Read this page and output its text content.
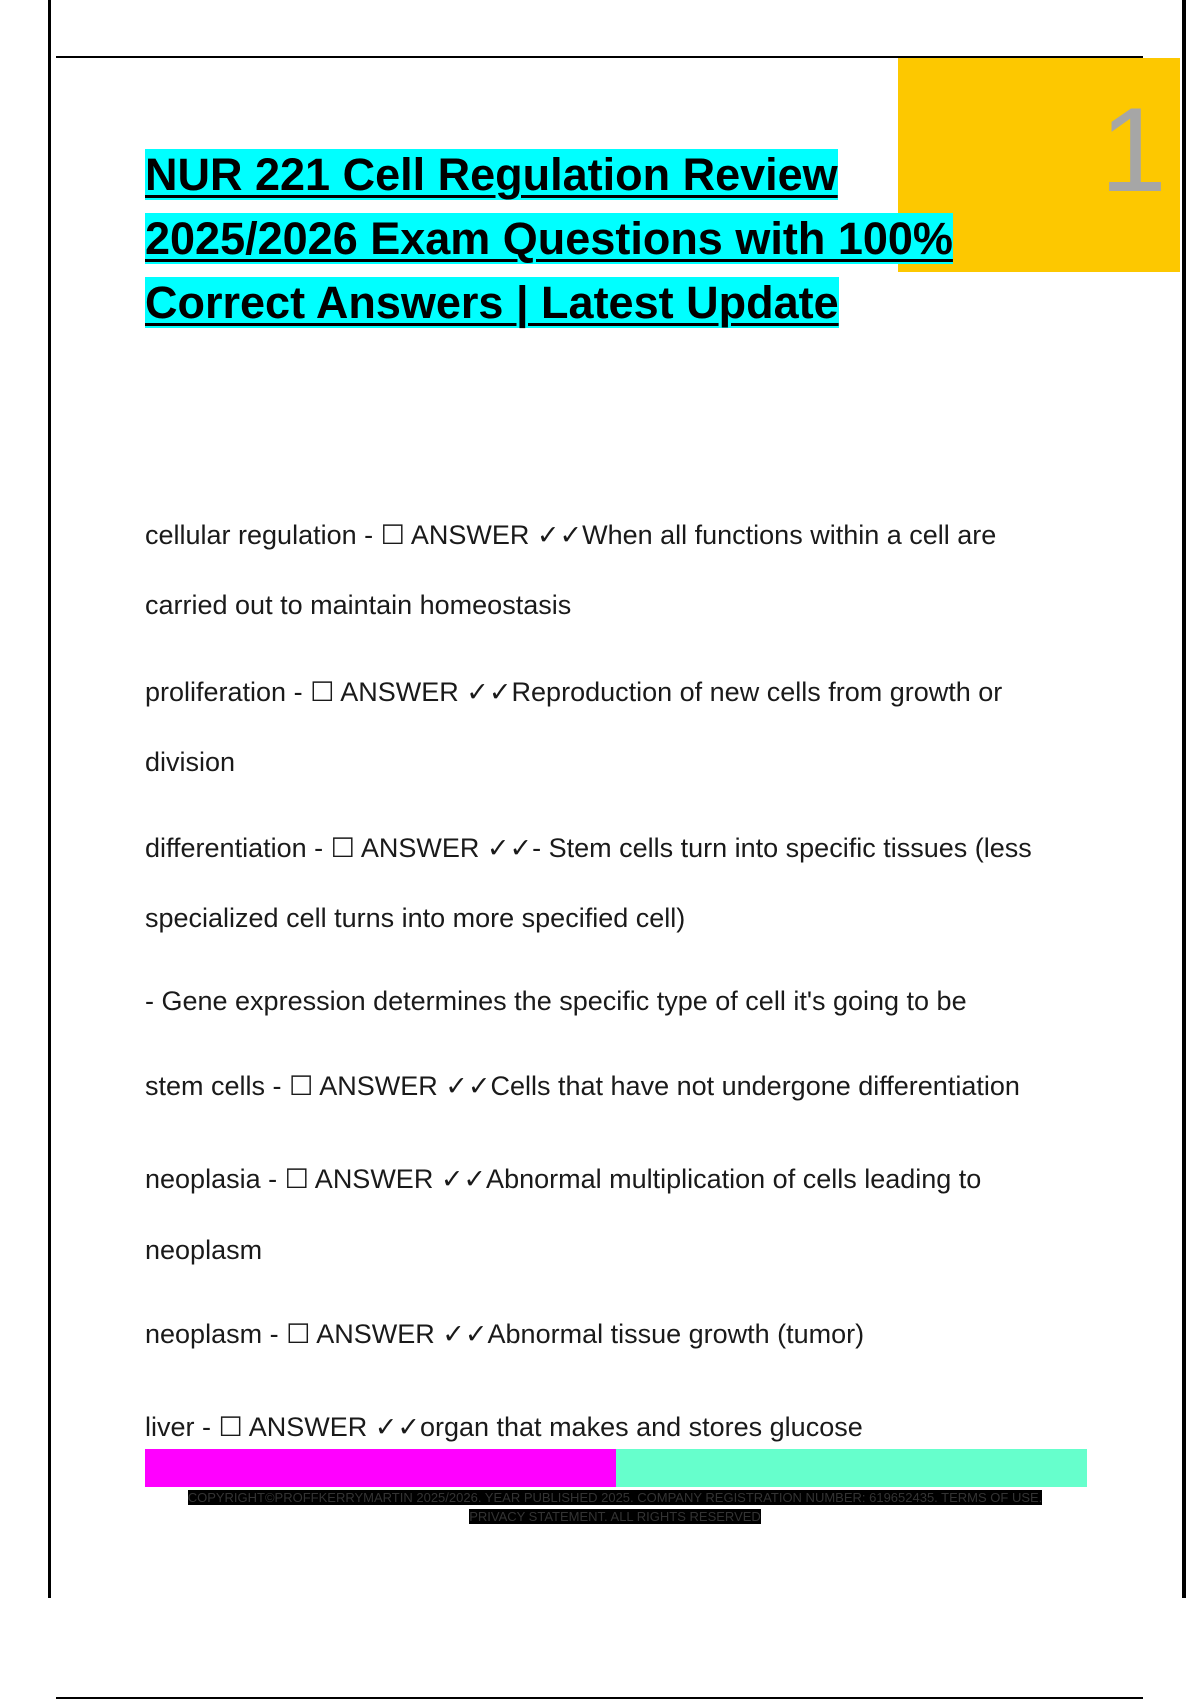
1
NUR 221 Cell Regulation Review
2025/2026 Exam Questions with 100%
Correct Answers | Latest Update

cellular regulation - ☐ ANSWER ✓✓When all functions within a cell are

carried out to maintain homeostasis

proliferation - ☐ ANSWER ✓✓Reproduction of new cells from growth or

division

differentiation - ☐ ANSWER ✓✓- Stem cells turn into specific tissues (less

specialized cell turns into more specified cell)

- Gene expression determines the specific type of cell it's going to be

stem cells - ☐ ANSWER ✓✓Cells that have not undergone differentiation

neoplasia - ☐ ANSWER ✓✓Abnormal multiplication of cells leading to

neoplasm

neoplasm - ☐ ANSWER ✓✓Abnormal tissue growth (tumor)

liver - ☐ ANSWER ✓✓organ that makes and stores glucose

COPYRIGHT©PROFFKERRYMARTIN 2025/2026. YEAR PUBLISHED 2025. COMPANY REGISTRATION NUMBER: 619652435. TERMS OF USE.
PRIVACY STATEMENT. ALL RIGHTS RESERVED
